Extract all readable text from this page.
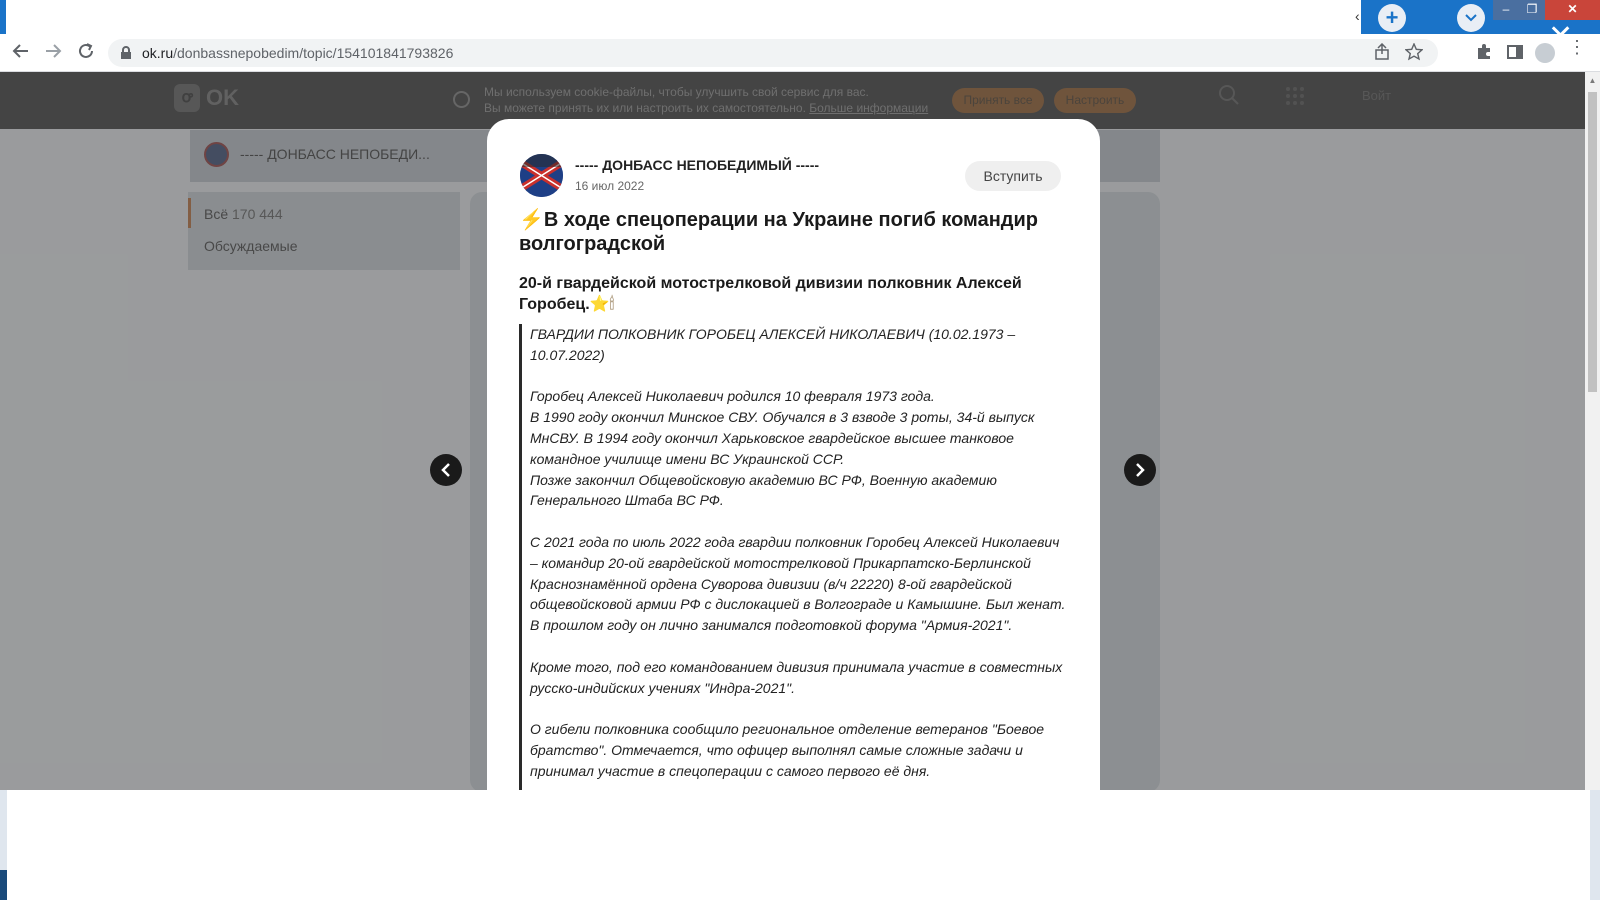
‹	+	–	❐	✕
ok.ru/donbassnepobedim/topic/154101841793826	⋮
✕
▲
----- ДОНБАСС НЕПОБЕДИМЫЙ -----
16 июл 2022
Вступить
⚡В ходе спецоперации на Украине погиб командир волгоградской
20-й гвардейской мотострелковой дивизии полковник Алексей Горобец.⭐🕯

ГВАРДИИ ПОЛКОВНИК ГОРОБЕЦ АЛЕКСЕЙ НИКОЛАЕВИЧ (10.02.1973 – 10.07.2022)

Горобец Алексей Николаевич родился 10 февраля 1973 года.
В 1990 году окончил Минское СВУ. Обучался в 3 взводе 3 роты, 34-й выпуск МнСВУ. В 1994 году окончил Харьковское гвардейское высшее танковое командное училище имени ВС Украинской ССР.
Позже закончил Общевойсковую академию ВС РФ, Военную академию Генерального Штаба ВС РФ.

С 2021 года по июль 2022 года гвардии полковник Горобец Алексей Николаевич – командир 20-ой гвардейской мотострелковой Прикарпатско-Берлинской Краснознамённой ордена Суворова дивизии (в/ч 22220) 8-ой гвардейской общевойсковой армии РФ с дислокацией в Волгограде и Камышине. Был женат. В прошлом году он лично занимался подготовкой форума "Армия-2021".

Кроме того, под его командованием дивизия принимала участие в совместных русско-индийских учениях "Индра-2021".

О гибели полковника сообщило региональное отделение ветеранов "Боевое братство". Отмечается, что офицер выполнял самые сложные задачи и принимал участие в спецоперации с самого первого её дня.
